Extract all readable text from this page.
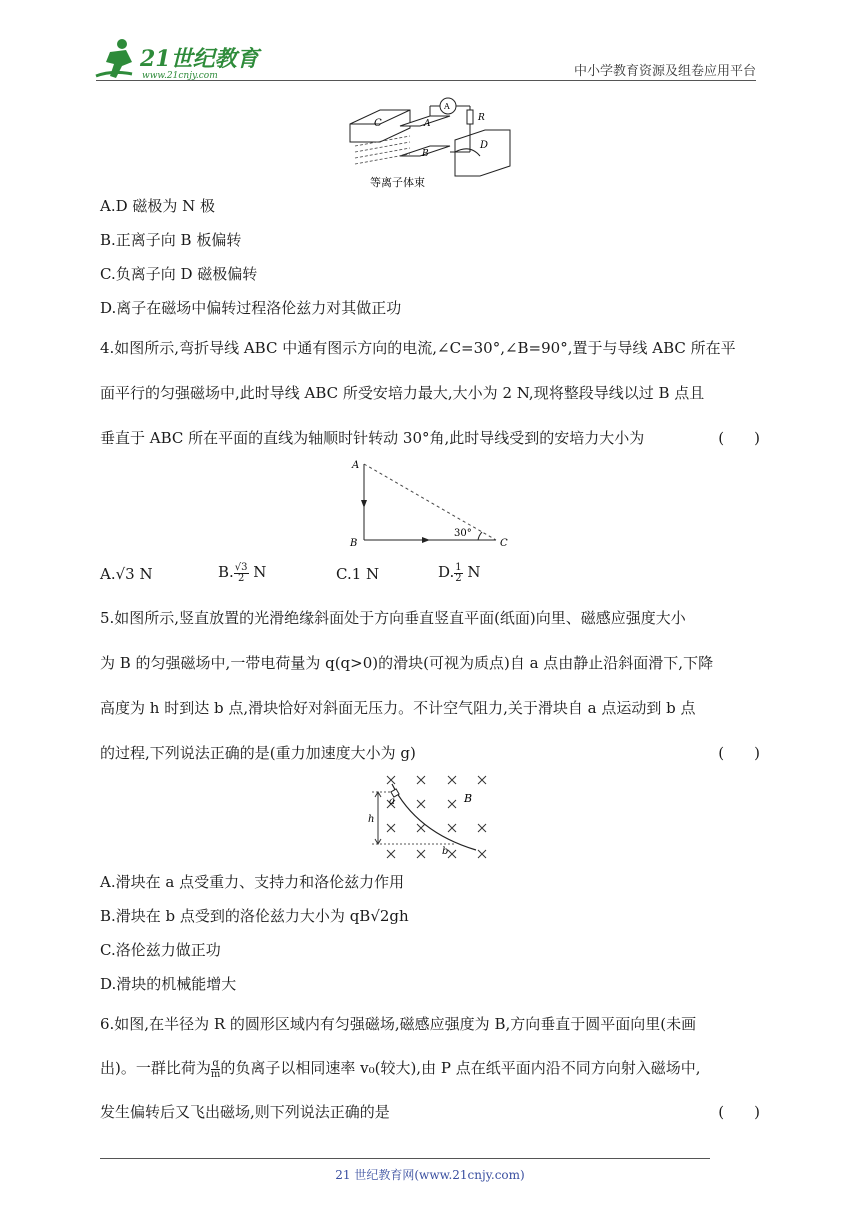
21世纪教育
www.21cnjy.com	中小学教育资源及组卷应用平台
C	A
B
D
R
A
等离子体束
A.D 磁极为 N 极
B.正离子向 B 板偏转
C.负离子向 D 磁极偏转
D.离子在磁场中偏转过程洛伦兹力对其做正功
4.如图所示,弯折导线 ABC 中通有图示方向的电流,∠C=30°,∠B=90°,置于与导线 ABC 所在平
面平行的匀强磁场中,此时导线 ABC 所受安培力最大,大小为 2 N,现将整段导线以过 B 点且
垂直于 ABC 所在平面的直线为轴顺时针转动 30°角,此时导线受到的安培力大小为	(　　)
A
B	C
30°
A.√3 N	B. $\frac{√3}{2}$ N	C.1 N	D. $\frac{1}{2}$ N
5.如图所示,竖直放置的光滑绝缘斜面处于方向垂直竖直平面(纸面)向里、磁感应强度大小
为 B 的匀强磁场中,一带电荷量为 q(q>0)的滑块(可视为质点)自 a 点由静止沿斜面滑下,下降
高度为 h 时到达 b 点,滑块恰好对斜面无压力。不计空气阻力,关于滑块自 a 点运动到 b 点
的过程,下列说法正确的是(重力加速度大小为 g)	(　　)
h
a
b
B
A.滑块在 a 点受重力、支持力和洛伦兹力作用
B.滑块在 b 点受到的洛伦兹力大小为 qB√2gh
C.洛伦兹力做正功
D.滑块的机械能增大
6.如图,在半径为 R 的圆形区域内有匀强磁场,磁感应强度为 B,方向垂直于圆平面向里(未画
出)。一群比荷为 $\frac{q}{m}$ 的负离子以相同速率 v₀(较大),由 P 点在纸平面内沿不同方向射入磁场中,
发生偏转后又飞出磁场,则下列说法正确的是	(　　)
21 世纪教育网(www.21cnjy.com)
